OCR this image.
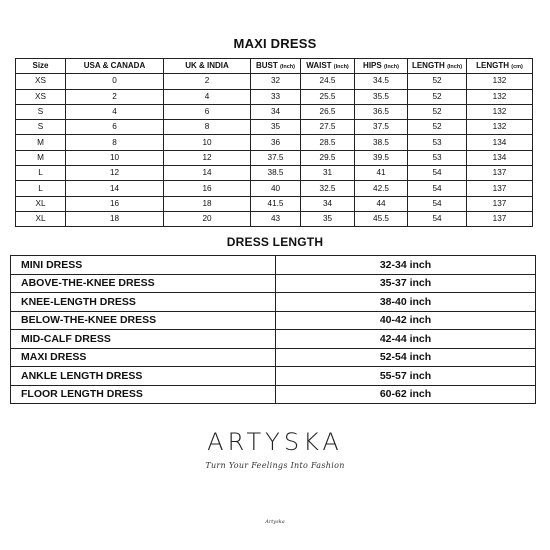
MAXI DRESS
Size	USA & CANADA	UK & INDIA	BUST (Inch)	WAIST (Inch)	HIPS (Inch)	LENGTH (Inch)	LENGTH (cm)
XS	0	2	32	24.5	34.5	52	132
XS	2	4	33	25.5	35.5	52	132
S	4	6	34	26.5	36.5	52	132
S	6	8	35	27.5	37.5	52	132
M	8	10	36	28.5	38.5	53	134
M	10	12	37.5	29.5	39.5	53	134
L	12	14	38.5	31	41	54	137
L	14	16	40	32.5	42.5	54	137
XL	16	18	41.5	34	44	54	137
XL	18	20	43	35	45.5	54	137
DRESS LENGTH
MINI DRESS	32-34 inch
ABOVE-THE-KNEE DRESS	35-37 inch
KNEE-LENGTH DRESS	38-40 inch
BELOW-THE-KNEE DRESS	40-42 inch
MID-CALF DRESS	42-44 inch
MAXI DRESS	52-54 inch
ANKLE LENGTH DRESS	55-57 inch
FLOOR LENGTH DRESS	60-62 inch
ARTYSKA
Turn Your Feelings Into Fashion
Artyska
